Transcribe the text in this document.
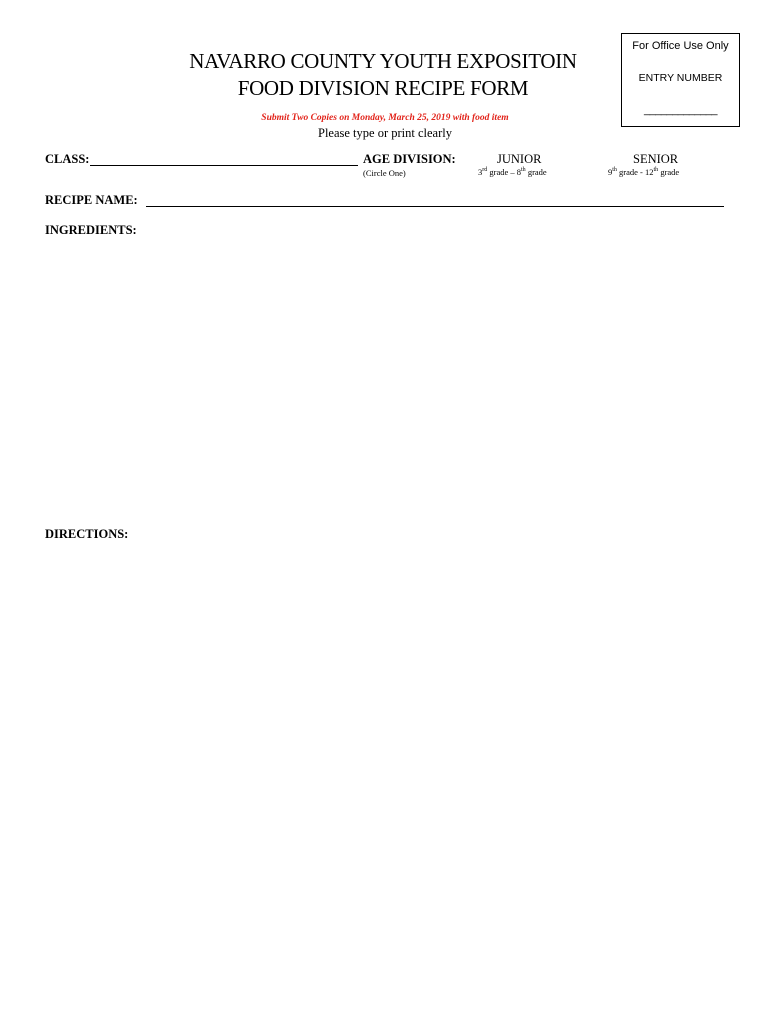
For Office Use Only
ENTRY NUMBER
_____________
NAVARRO COUNTY YOUTH EXPOSITOIN
FOOD DIVISION RECIPE FORM
Submit Two Copies on Monday, March 25, 2019 with food item
Please type or print clearly
CLASS:	AGE DIVISION:
(Circle One)
JUNIOR
3rd grade – 8th grade
SENIOR
9th grade - 12th grade
RECIPE NAME:
INGREDIENTS:
DIRECTIONS:
